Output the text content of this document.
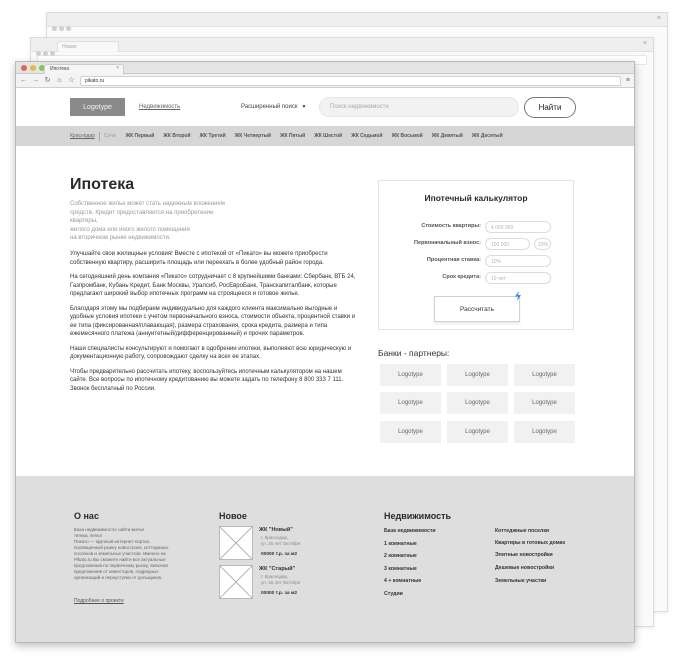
×
Новая	×
Ипотека	×
← → ↻ ⌂ ☆	pikato.ru	≡
Logotype	Недвижимость	Расширенный поиск ▼	Поиск недвижимости	Найти
Краснодар Сочи ЖК Первый ЖК Второй ЖК Третий ЖК Четвертый ЖК Пятый ЖК Шестой ЖК Седьмой ЖК Восьмой ЖК Девятый ЖК Десятый
Ипотека
Собственное жилье может стать надежным вложением
средств. Кредит предоставляется на приобретение квартиры,
жилого дома или иного жилого помещения
на вторичном рынке недвижимости.

Улучшайте свои жилищные условия! Вместе с ипотекой от «Пикато» вы можете приобрести собственную квартиру, расширить площадь или переехать в более удобный район города.

На сегодняшний день компания «Пикато» сотрудничает с 8 крупнейшими банками: Сбербанк, ВТБ 24, Газпромбанк, Кубань Кредит, Банк Москвы, Уралсиб, РосЕвроБанк, Транскапиталбанк, которые предлагают широкий выбор ипотечных программ на строящееся и готовое жилье.

Благодаря этому мы подбираем индивидуально для каждого клиента максимально выгодные и удобные условия ипотеки с учетом первоначального взноса, стоимости объекта, процентной ставки и ее типа (фиксированная/плавающая), размера страхования, срока кредита, размера и типа ежемесячного платежа (аннуитетный/дифференцированный) и прочих параметров.

Наши специалисты консультируют и помогают в одобрении ипотеки, выполняют всю юридическую и документационную работу, сопровождают сделку на всех ее этапах.

Чтобы предварительно рассчитать ипотеку, воспользуйтесь ипотечным калькулятором на нашем сайте. Все вопросы по ипотечному кредитованию вы можете задать по телефону 8 800 333 7 111. Звонок бесплатный по России.

Ипотечный калькулятор
Стоимость квартиры:	4 000 000
Первоначальный взнос:	100 000	20%
Процентная ставка:	10%
Срок кредита:	10 лет
Рассчитать
Банки - партнеры:
Logotype	Logotype	Logotype
Logotype	Logotype	Logotype
Logotype	Logotype	Logotype
О нас
База недвижимости: найти жилье
теперь легко!
Пикато — крупный интернет-портал,
посвященный рынку новостроек, коттеджных
поселков и земельных участков. Именно на
Pikato.ru Вы сможете найти все актуальные
предложения по первичному рынку, включая
предложения от инвесторов, подрядных
организаций и переуступки от дольщиков.
Подробнее о проекте
Новое
ЖК "Новый"
г. Краснодар,
ул. 40 лет Октября
00000 т.р. за м2
ЖК "Старый"
г. Краснодар,
ул. 40 лет Октября
00000 т.р. за м2
Недвижимость
База недвижимости
1 комнатные
2 комнатные
3 комнатные
4 + комнатные
Студии
Коттеджные поселки
Квартиры в готовых домах
Элитные новостройки
Дешевые новостройки
Земельные участки
